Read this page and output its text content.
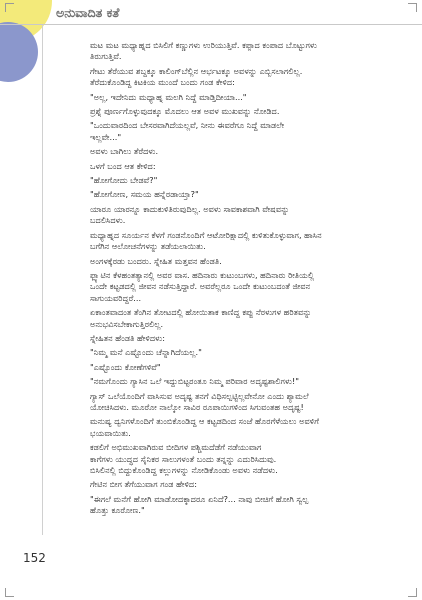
ಅನುವಾದಿತ ಕತೆ

ಮಟ ಮಟ ಮಧ್ಯಾಹ್ನದ ಬಿಸಿಲಿಗೆ ಕಣ್ಣುಗಳು ಉರಿಯುತ್ತಿವೆ. ಕಪ್ಪಾದ ಕಂಪಾದ ಬೊಟ್ಟುಗಳು
ತಿರುಗುತ್ತಿವೆ.

ಗೇಟು ತೆರೆಯುವ ಶಬ್ದಕ್ಕೂ ಕಾಲಿಂಗ್‌ಬೆಲ್ಲಿನ ಆರ್ಭಟಕ್ಕೂ ಅವಳನ್ನು ಎಬ್ಬಿಸಲಾಗಲಿಲ್ಲ.
ತೆರೆದುಕೊಂಡಿದ್ದ ಕಿಟಕಿಯ ಮುಂದೆ ಬಂದು ಗಂಡ ಕೇಳಿದ:

"ಅಲ್ಲ, ಇದೇನಿದು ಮಧ್ಯಾಹ್ನ ಮಲಗಿ ನಿದ್ದೆ ಮಾಡ್ತಿದೀಯಾ..."

ಪ್ರಶ್ನೆ ಪೂರ್ಣಗೊಳ್ಳುವುದಕ್ಕೂ ಮೊದಲು ಆತ ಅವಳ ಮುಖವನ್ನು ನೋಡಿದ.

"ಒಂದುವಾರದಿಂದ ಬೇಸರವಾಗಿದೆಯಲ್ಲವೆ, ನೀನು ಈವರೆಗೂ ನಿದ್ದೆ ಮಾಡಲೇ
ಇಲ್ಲವೇ..."

ಅವಳು ಬಾಗಿಲು ತೆರೆದಳು.

ಒಳಗೆ ಬಂದ ಆತ ಕೇಳಿದ:

"ಹೋಗೋದು ಬೇಡವೆ?"

"ಹೋಗೋಣ, ಸಮಯ ಹನ್ನೆರಡಾಯ್ತಾ?"

ಯಾರೂ ಯಾರನ್ನೂ ಕಾದುಕುಳಿತಿರುವುದಿಲ್ಲ. ಅವಳು ಸಾವಕಾಶವಾಗಿ ವೇಷವನ್ನು
ಬದಲಿಸಿದಳು.

ಮಧ್ಯಾಹ್ನದ ಸೂರ್ಯನ ಕೆಳಗೆ ಗಂಡನೊಂದಿಗೆ ಆಟೋರಿಕ್ಷಾದಲ್ಲಿ ಕುಳಿತುಕೊಳ್ಳುವಾಗ, ಹಾಸಿನ
ಬಗೆಗಿನ ಆಲೋಚನೆಗಳನ್ನು ತಡೆಯಲಾಯಿತು.

ಅಂಗಳಕ್ಕೆರಡು ಬಂದರು. ಸ್ನೇಹಿತ ಮತ್ತವನ ಹೆಂಡತಿ.

ಫ್ಲ್ಯಾಟಿನ ಕೆಳಹಂತತ್ಯಾನಲ್ಲಿ ಅವರ ವಾಸ. ಹದಿನಾರು ಕುಟುಂಬಗಳು, ಹದಿನಾರು ರೀತಿಯಲ್ಲಿ
ಒಂದೇ ಕಟ್ಟಡದಲ್ಲಿ ಜೀವನ ನಡೆಸುತ್ತಿದ್ದಾರೆ. ಅವರೆಲ್ಲರೂ ಒಂದೇ ಕುಟುಂಬದಂತೆ ಜೀವನ
ಸಾಗುಯವರಿದ್ದರೆ...

ಏಕಾಂತವಾದಂತ ತೆಂಗಿನ ತೋಟದಲ್ಲಿ ಹೋಯಿತಾಕ ಕಾಣಿದ್ದ ಕಪ್ಪು ನೆರಳುಗಳ ಹರಿತವನ್ನು
ಅನುಭವಿಸಬೇಕಾಗುತ್ತಿರಲಿಲ್ಲ.

ಸ್ನೇಹಿತನ ಹೆಂಡತಿ ಹೇಳಿದಳು:

"ನಿಮ್ಮ ಮನೆ ಎಷ್ಟೊಂದು ಚೆನ್ನಾಗಿದೆಯಲ್ಲ."

"ಎಷ್ಟೊಂದು ಕೋಣೆಗಳಿವೆ"

"ನಮಗೊಂದು ಗ್ಯಾಸಿನ ಒಲೆ ಇದ್ದುಬಿಟ್ಟರಂತೂ ನಿಮ್ಮ ಪರಿವಾರ ಅದೃಷ್ಟಶಾಲಿಗಳು!"

ಗ್ಯಾಸ್ ಒಲೆಯೊಂದಿಗೆ ವಾಸಿಸುವ ಅದೃಷ್ಟ ತನಗೆ ವಿಧಿಸಲ್ಪಟ್ಟಿಲ್ಲವೇನೋ ಎಂದು ಶ್ಯಾಮಲೆ
ಯೋಚಿಸಿದಳು. ಮೂರೋ ನಾಲ್ಕೋ ಸಾವಿರ ರೂಪಾಯಿಗಳಿಂದ ಸಿಗುವಂತಹ ಅದೃಷ್ಟ!

ಮನುಷ್ಯ ದ್ವನಿಗಳೊಂದಿಗೆ ತುಂಬಿಕೊಂಡಿದ್ದ ಆ ಕಟ್ಟಡದಿಂದ ಸಂಜೆ ಹೊರಗೆಳೆಯಲು ಅವಳಿಗೆ
ಭಯವಾಯಿತು.

ಕಡಲಿಗೆ ಅಭಿಮುಖವಾಗಿರುವ ಬೀದಿಗಳ ಪಶ್ಚಿಮದೆಡೆಗೆ ನಡೆಯುವಾಗ
ಕಾಗೆಗಳು ಯುದ್ಧದ ಸೈನಿಕರ ಸಾಲುಗಳಂತೆ ಬಂದು ತನ್ನನ್ನು ಎದುರಿಸಿದುವು.
ಬಿಸಿಲಿನಲ್ಲಿ ಬಿದ್ದುಕೊಂಡಿದ್ದ ಕಲ್ಲುಗಳನ್ನು ನೋಡಿಕೊಂಡು ಅವಳು ನಡೆದಳು.

ಗೇಟಿನ ಬೀಗ ತೆಗೆಯುವಾಗ ಗಂಡ ಹೇಳಿದ:

"ಈಗಲೆ ಮನೆಗೆ ಹೋಗಿ ಮಾಡೋದಕ್ಕಾದರೂ ಏನಿದೆ?... ನಾವು ಬೀಚಿಗೆ ಹೋಗಿ ಸ್ವಲ್ಪ
ಹೊತ್ತು ಕೂರೋಣ."

152
